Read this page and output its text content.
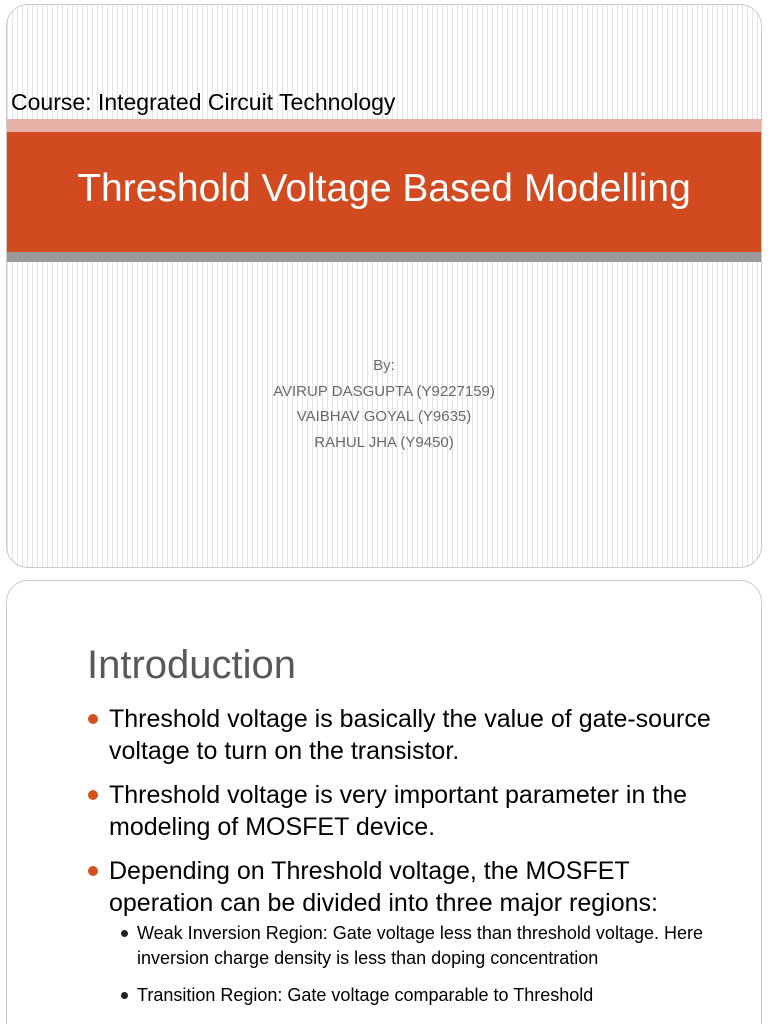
Course: Integrated Circuit Technology
Threshold Voltage Based Modelling
By:
AVIRUP DASGUPTA (Y9227159)
VAIBHAV GOYAL (Y9635)
RAHUL JHA (Y9450)
Introduction
Threshold voltage is basically the value of gate-source voltage to turn on the transistor.
Threshold voltage is very important parameter in the modeling of MOSFET device.
Depending on Threshold voltage, the MOSFET operation can be divided into three major regions:
Weak Inversion Region: Gate voltage less than threshold voltage. Here inversion charge density is less than doping concentration
Transition Region: Gate voltage comparable to Threshold
